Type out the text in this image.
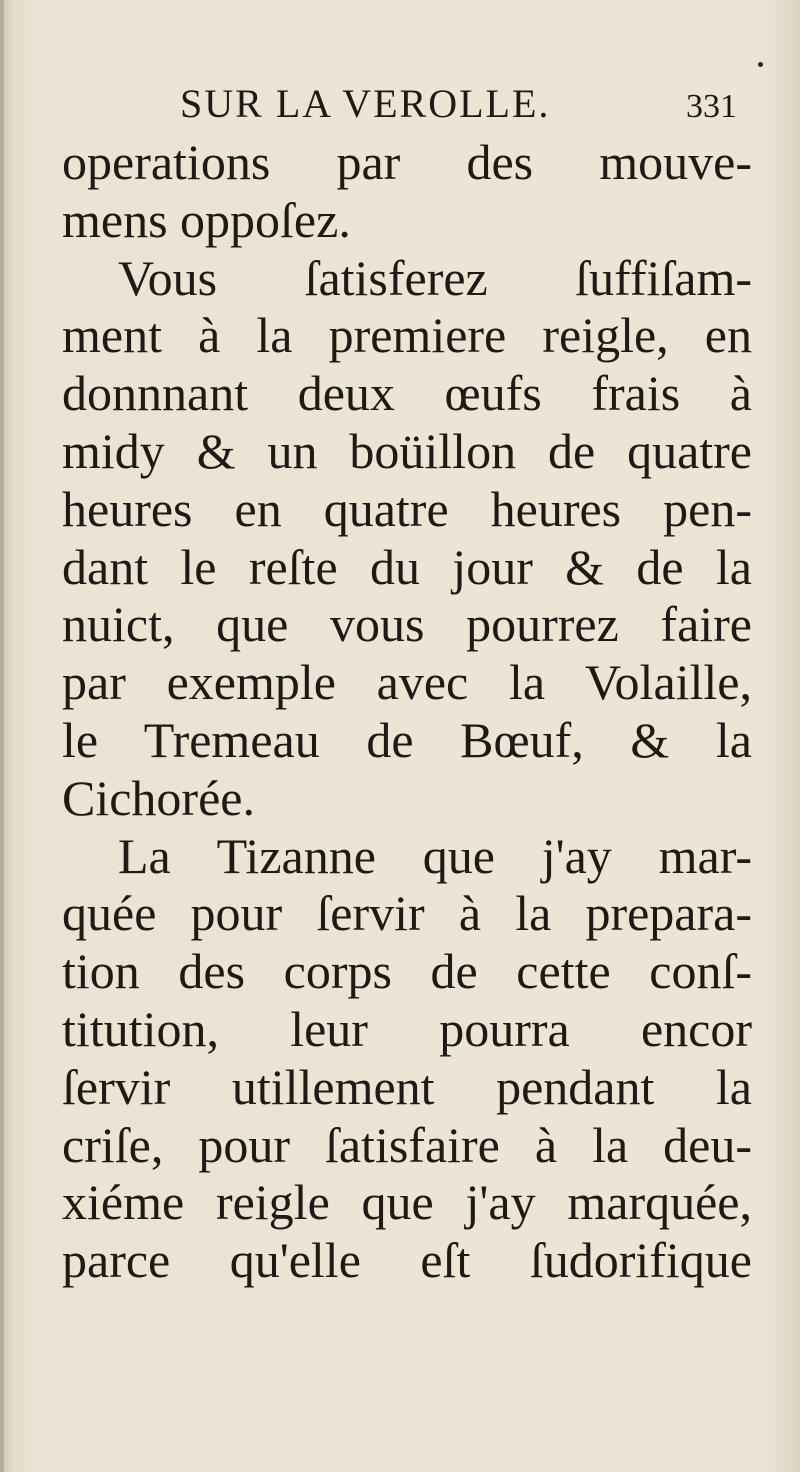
SUR LA VEROLLE.	331
operations par des mouve-
mens oppoſez.
Vous ſatisferez ſuffiſam-
ment à la premiere reigle, en
donnnant deux œufs frais à
midy & un boüillon de quatre
heures en quatre heures pen-
dant le reſte du jour & de la
nuict, que vous pourrez faire
par exemple avec la Volaille,
le Tremeau de Bœuf, & la
Cichorée.
La Tizanne que j'ay mar-
quée pour ſervir à la prepara-
tion des corps de cette conſ-
titution, leur pourra encor
ſervir utillement pendant la
criſe, pour ſatisfaire à la deu-
xiéme reigle que j'ay marquée,
parce qu'elle eſt ſudorifique
